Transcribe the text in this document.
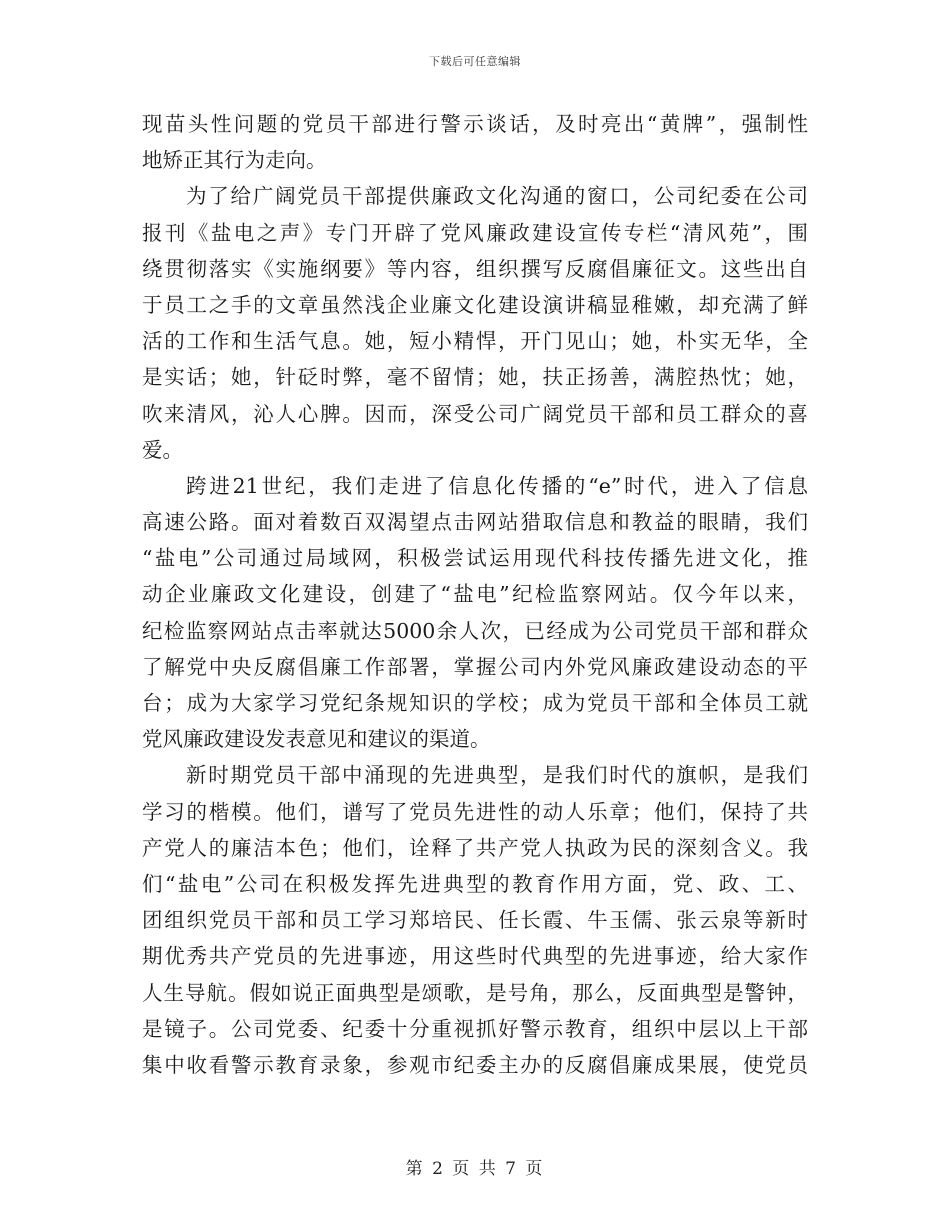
下载后可任意编辑
现苗头性问题的党员干部进行警示谈话，及时亮出“黄牌”，强制性
地矫正其行为走向。
为了给广阔党员干部提供廉政文化沟通的窗口，公司纪委在公司
报刊《盐电之声》专门开辟了党风廉政建设宣传专栏“清风苑”，围
绕贯彻落实《实施纲要》等内容，组织撰写反腐倡廉征文。这些出自
于员工之手的文章虽然浅企业廉文化建设演讲稿显稚嫩，却充满了鲜
活的工作和生活气息。她，短小精悍，开门见山；她，朴实无华，全
是实话；她，针砭时弊，毫不留情；她，扶正扬善，满腔热忱；她，
吹来清风，沁人心脾。因而，深受公司广阔党员干部和员工群众的喜
爱。
跨进21世纪，我们走进了信息化传播的“e”时代，进入了信息
高速公路。面对着数百双渴望点击网站猎取信息和教益的眼睛，我们
“盐电”公司通过局域网，积极尝试运用现代科技传播先进文化，推
动企业廉政文化建设，创建了“盐电”纪检监察网站。仅今年以来，
纪检监察网站点击率就达5000余人次，已经成为公司党员干部和群众
了解党中央反腐倡廉工作部署，掌握公司内外党风廉政建设动态的平
台；成为大家学习党纪条规知识的学校；成为党员干部和全体员工就
党风廉政建设发表意见和建议的渠道。
新时期党员干部中涌现的先进典型，是我们时代的旗帜，是我们
学习的楷模。他们，谱写了党员先进性的动人乐章；他们，保持了共
产党人的廉洁本色；他们，诠释了共产党人执政为民的深刻含义。我
们“盐电”公司在积极发挥先进典型的教育作用方面，党、政、工、
团组织党员干部和员工学习郑培民、任长霞、牛玉儒、张云泉等新时
期优秀共产党员的先进事迹，用这些时代典型的先进事迹，给大家作
人生导航。假如说正面典型是颂歌，是号角，那么，反面典型是警钟，
是镜子。公司党委、纪委十分重视抓好警示教育，组织中层以上干部
集中收看警示教育录象，参观市纪委主办的反腐倡廉成果展，使党员
第 2 页 共 7 页
